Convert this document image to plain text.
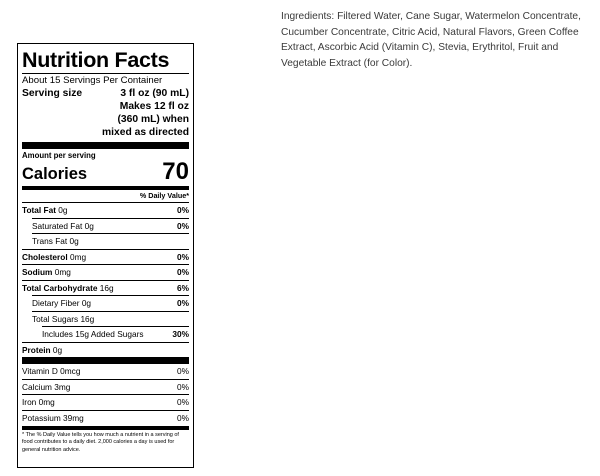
Nutrition Facts
About 15 Servings Per Container
Serving size	3 fl oz (90 mL)
Makes 12 fl oz
(360 mL) when
mixed as directed
Amount per serving
Calories	70
% Daily Value*
Total Fat 0g	0%
Saturated Fat 0g	0%
Trans Fat 0g
Cholesterol 0mg	0%
Sodium 0mg	0%
Total Carbohydrate 16g	6%
Dietary Fiber 0g	0%
Total Sugars 16g
Includes 15g Added Sugars	30%
Protein 0g
Vitamin D 0mcg	0%
Calcium 3mg	0%
Iron 0mg	0%
Potassium 39mg	0%
* The % Daily Value tells you how much a nutrient in a serving of food contributes to a daily diet. 2,000 calories a day is used for general nutrition advice.
Ingredients: Filtered Water, Cane Sugar, Watermelon Concentrate, Cucumber Concentrate, Citric Acid, Natural Flavors, Green Coffee Extract, Ascorbic Acid (Vitamin C), Stevia, Erythritol, Fruit and Vegetable Extract (for Color).
